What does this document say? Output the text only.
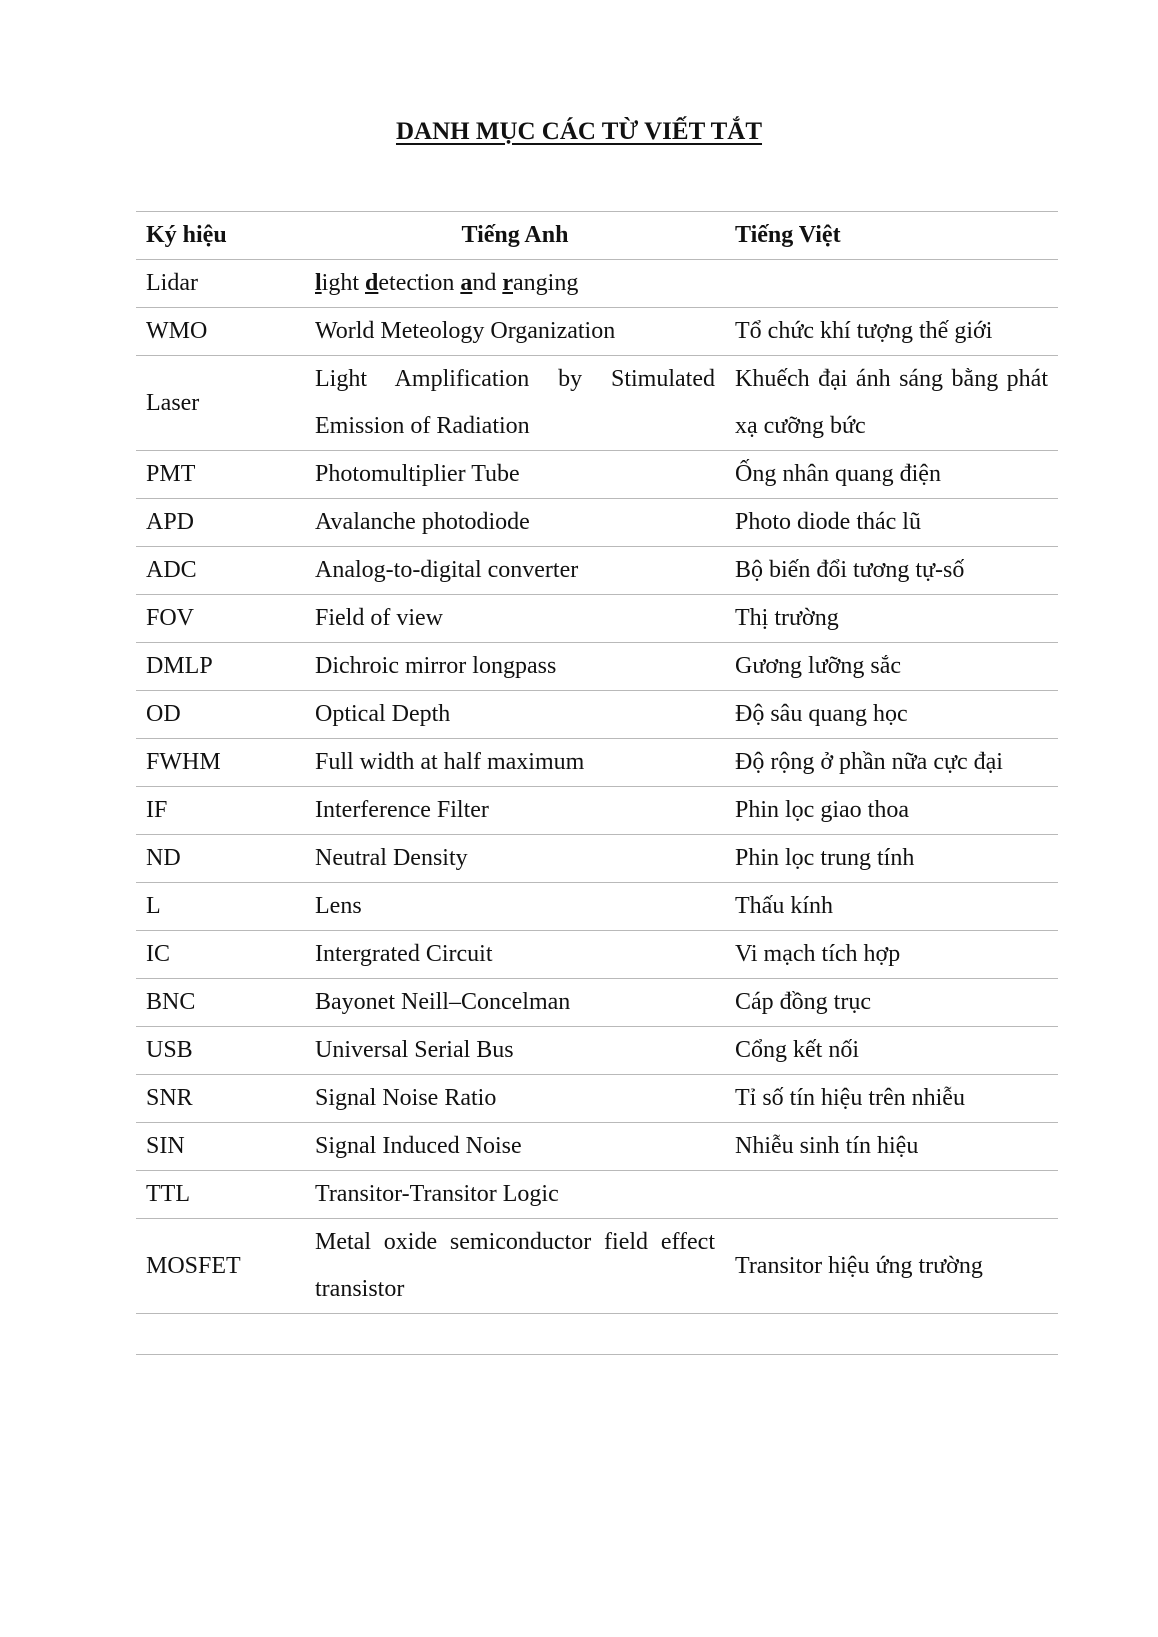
DANH MỤC CÁC TỪ VIẾT TẮT
Ký hiệu	Tiếng Anh	Tiếng Việt
Lidar	light detection and ranging	
WMO	World Meteology Organization	Tổ chức khí tượng thế giới
Laser	Light Amplification by Stimulated Emission of Radiation	Khuếch đại ánh sáng bằng phát xạ cưỡng bức
PMT	Photomultiplier Tube	Ống nhân quang điện
APD	Avalanche photodiode	Photo diode thác lũ
ADC	Analog-to-digital converter	Bộ biến đổi tương tự-số
FOV	Field of view	Thị trường
DMLP	Dichroic mirror longpass	Gương lưỡng sắc
OD	Optical Depth	Độ sâu quang học
FWHM	Full width at half maximum	Độ rộng ở phần nữa cực đại
IF	Interference Filter	Phin lọc giao thoa
ND	Neutral Density	Phin lọc trung tính
L	Lens	Thấu kính
IC	Intergrated Circuit	Vi mạch tích hợp
BNC	Bayonet Neill–Concelman	Cáp đồng trục
USB	Universal Serial Bus	Cổng kết nối
SNR	Signal Noise Ratio	Tỉ số tín hiệu trên nhiễu
SIN	Signal Induced Noise	Nhiễu sinh tín hiệu
TTL	Transitor-Transitor Logic	
MOSFET	Metal oxide semiconductor field effect transistor	Transitor hiệu ứng trường
